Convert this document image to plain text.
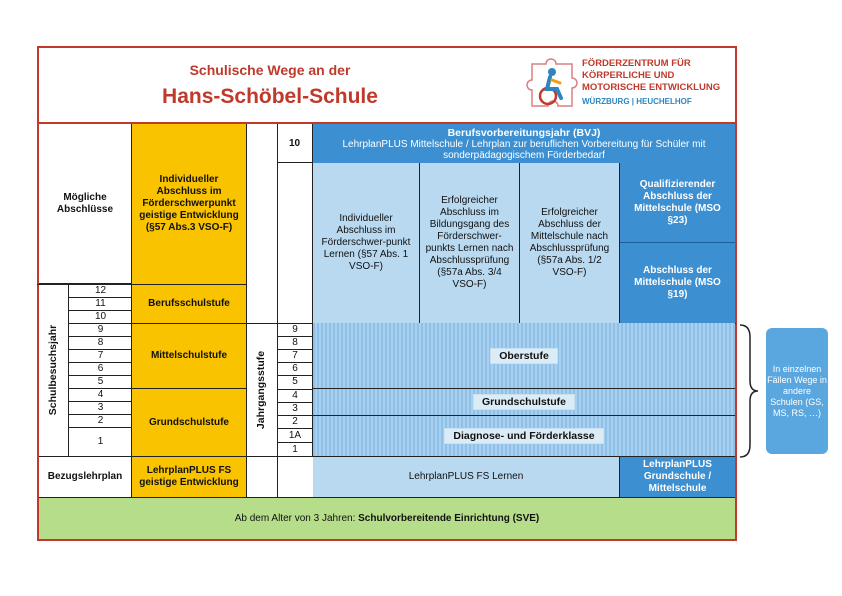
Schulische Wege an der
Hans-Schöbel-Schule
FÖRDERZENTRUM FÜR
KÖRPERLICHE UND
MOTORISCHE ENTWICKLUNG
WÜRZBURG | HEUCHELHOF
Mögliche Abschlüsse
Individueller Abschluss im Förderschwerpunkt geistige Entwicklung (§57 Abs.3 VSO-F)
Schulbesuchsjahr
12
11
10
9
8
7
6
5
4
3
2
1
Berufsschulstufe
Mittelschulstufe
Grundschulstufe
Bezugslehrplan
LehrplanPLUS FS geistige Entwicklung
10
Berufsvorbereitungsjahr (BVJ)
LehrplanPLUS Mittelschule / Lehrplan zur beruflichen Vorbereitung für Schüler mit sonderpädagogischem Förderbedarf
Individueller Abschluss im Förderschwer-punkt Lernen (§57 Abs. 1 VSO-F)
Erfolgreicher Abschluss im Bildungsgang des Förderschwer-punkts Lernen nach Abschlussprüfung (§57a Abs. 3/4 VSO-F)
Erfolgreicher Abschluss der Mittelschule nach Abschlussprüfung (§57a Abs. 1/2 VSO-F)
Qualifizierender Abschluss der Mittelschule (MSO §23)
Abschluss der Mittelschule (MSO §19)
Jahrgangsstufe
9
8
7
6
5
4
3
2
1A
1
Oberstufe
Grundschulstufe
Diagnose- und Förderklasse
LehrplanPLUS FS Lernen
LehrplanPLUS Grundschule / Mittelschule
Ab dem Alter von 3 Jahren: Schulvorbereitende Einrichtung (SVE)
In einzelnen Fällen Wege in andere Schulen (GS, MS, RS, …)
